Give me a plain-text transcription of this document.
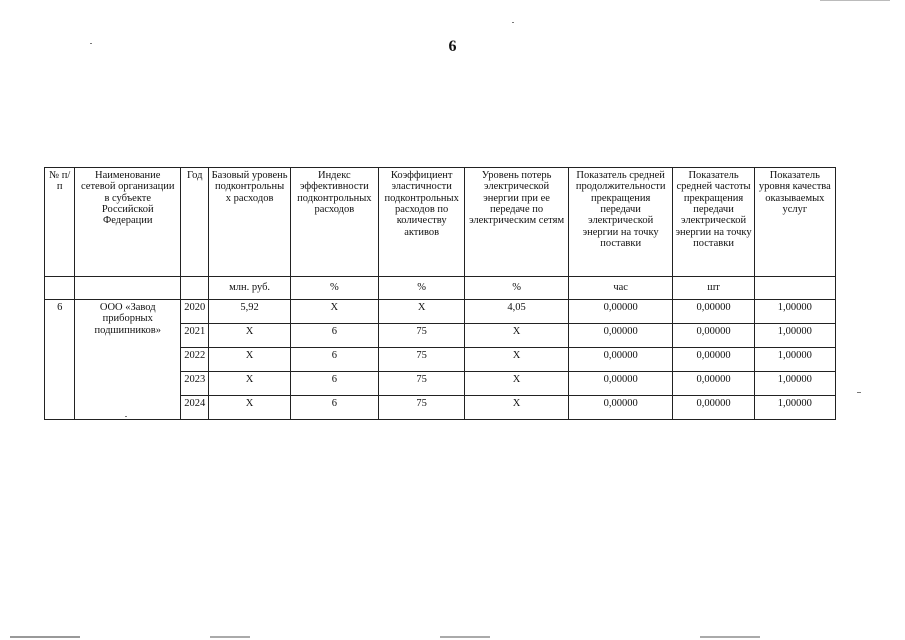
6
№ п/п	Наименование сетевой организации в субъекте Российской Федерации	Год	Базовый уровень подконтрольны х расходов	Индекс эффективности подконтрольных расходов	Коэффициент эластичности подконтрольных расходов по количеству активов	Уровень потерь электрической энергии при ее передаче по электрическим сетям	Показатель средней продолжительности прекращения передачи электрической энергии на точку поставки	Показатель средней частоты прекращения передачи электрической энергии на точку поставки	Показатель уровня качества оказываемых услуг
			млн. руб.	%	%	%	час	шт	
6	ООО «Завод приборных подшипников»	2020	5,92	Х	Х	4,05	0,00000	0,00000	1,00000
		2021	Х	6	75	Х	0,00000	0,00000	1,00000
		2022	Х	6	75	Х	0,00000	0,00000	1,00000
		2023	Х	6	75	Х	0,00000	0,00000	1,00000
		2024	Х	6	75	Х	0,00000	0,00000	1,00000
